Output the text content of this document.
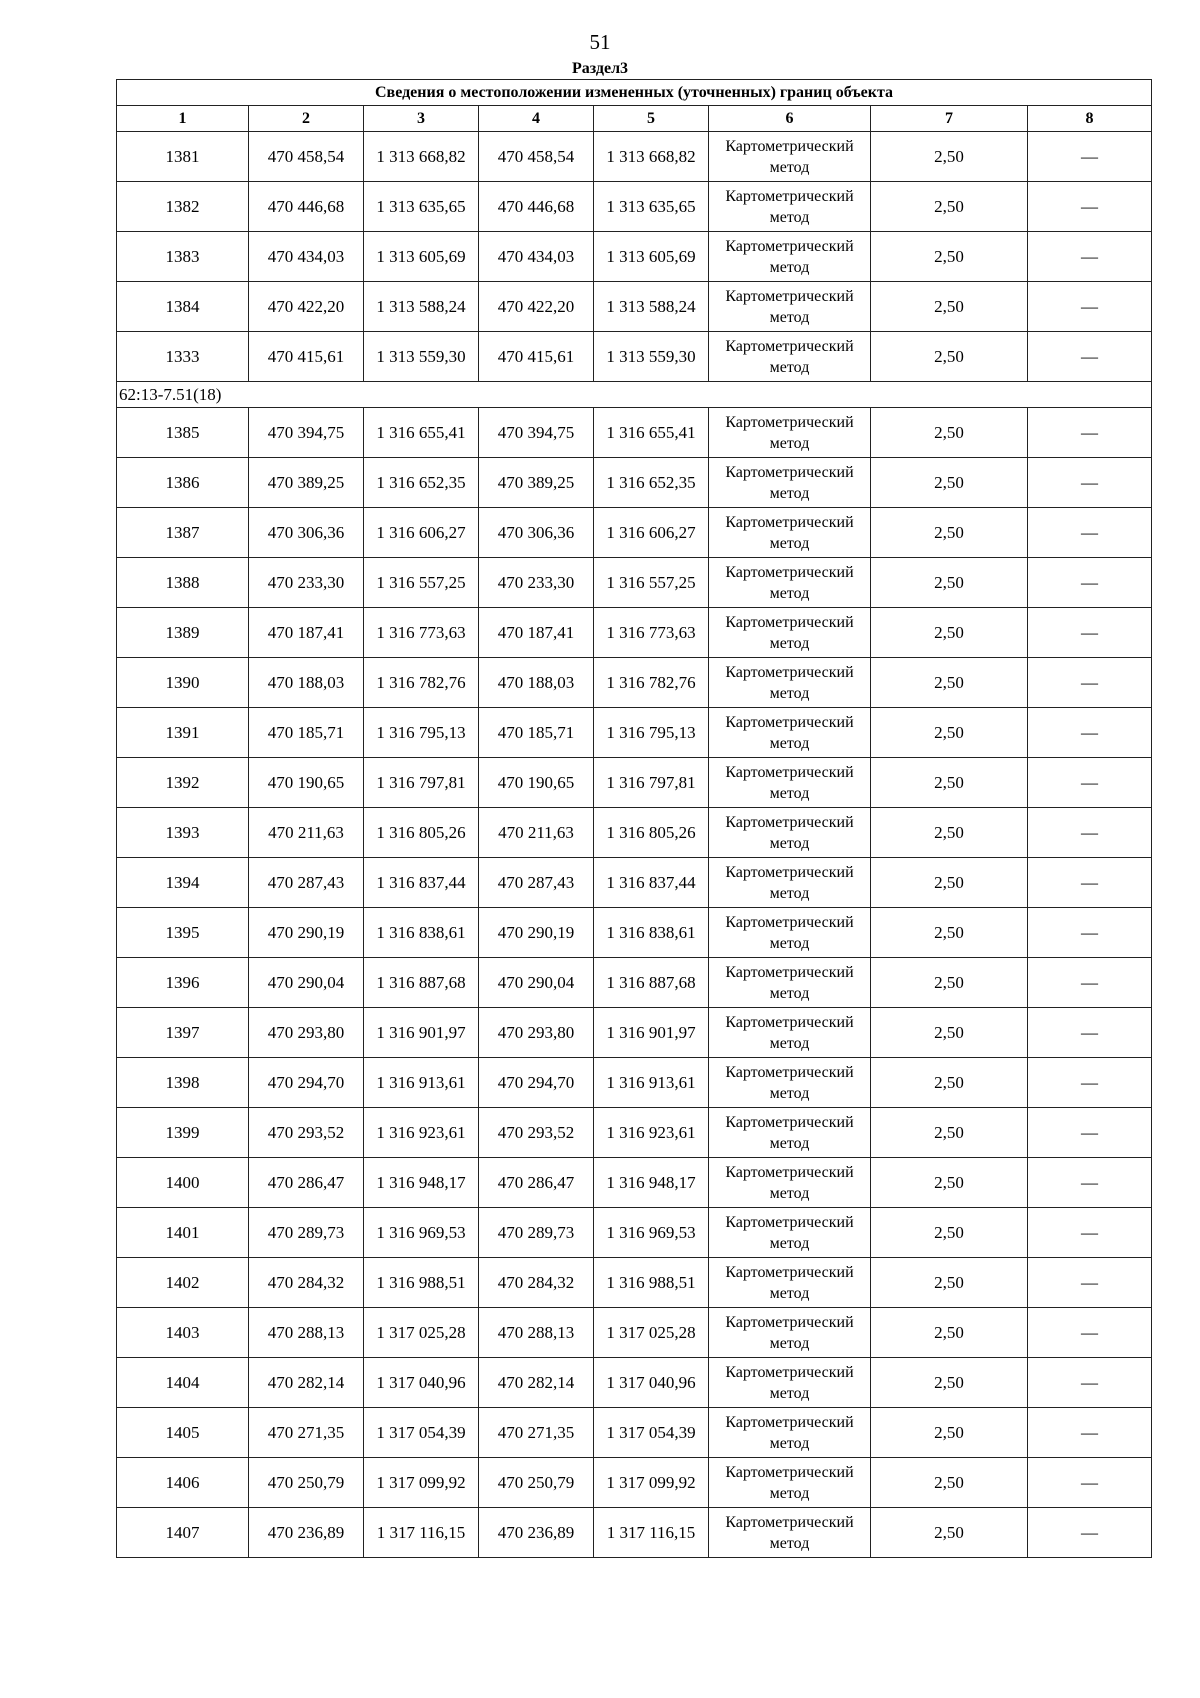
51
Раздел3
Сведения о местоположении измененных (уточненных) границ объекта							
1	2	3	4	5	6	7	8
1381	470 458,54	1 313 668,82	470 458,54	1 313 668,82	Картометрический метод	2,50	—
1382	470 446,68	1 313 635,65	470 446,68	1 313 635,65	Картометрический метод	2,50	—
1383	470 434,03	1 313 605,69	470 434,03	1 313 605,69	Картометрический метод	2,50	—
1384	470 422,20	1 313 588,24	470 422,20	1 313 588,24	Картометрический метод	2,50	—
1333	470 415,61	1 313 559,30	470 415,61	1 313 559,30	Картометрический метод	2,50	—
62:13-7.51(18)							
1385	470 394,75	1 316 655,41	470 394,75	1 316 655,41	Картометрический метод	2,50	—
1386	470 389,25	1 316 652,35	470 389,25	1 316 652,35	Картометрический метод	2,50	—
1387	470 306,36	1 316 606,27	470 306,36	1 316 606,27	Картометрический метод	2,50	—
1388	470 233,30	1 316 557,25	470 233,30	1 316 557,25	Картометрический метод	2,50	—
1389	470 187,41	1 316 773,63	470 187,41	1 316 773,63	Картометрический метод	2,50	—
1390	470 188,03	1 316 782,76	470 188,03	1 316 782,76	Картометрический метод	2,50	—
1391	470 185,71	1 316 795,13	470 185,71	1 316 795,13	Картометрический метод	2,50	—
1392	470 190,65	1 316 797,81	470 190,65	1 316 797,81	Картометрический метод	2,50	—
1393	470 211,63	1 316 805,26	470 211,63	1 316 805,26	Картометрический метод	2,50	—
1394	470 287,43	1 316 837,44	470 287,43	1 316 837,44	Картометрический метод	2,50	—
1395	470 290,19	1 316 838,61	470 290,19	1 316 838,61	Картометрический метод	2,50	—
1396	470 290,04	1 316 887,68	470 290,04	1 316 887,68	Картометрический метод	2,50	—
1397	470 293,80	1 316 901,97	470 293,80	1 316 901,97	Картометрический метод	2,50	—
1398	470 294,70	1 316 913,61	470 294,70	1 316 913,61	Картометрический метод	2,50	—
1399	470 293,52	1 316 923,61	470 293,52	1 316 923,61	Картометрический метод	2,50	—
1400	470 286,47	1 316 948,17	470 286,47	1 316 948,17	Картометрический метод	2,50	—
1401	470 289,73	1 316 969,53	470 289,73	1 316 969,53	Картометрический метод	2,50	—
1402	470 284,32	1 316 988,51	470 284,32	1 316 988,51	Картометрический метод	2,50	—
1403	470 288,13	1 317 025,28	470 288,13	1 317 025,28	Картометрический метод	2,50	—
1404	470 282,14	1 317 040,96	470 282,14	1 317 040,96	Картометрический метод	2,50	—
1405	470 271,35	1 317 054,39	470 271,35	1 317 054,39	Картометрический метод	2,50	—
1406	470 250,79	1 317 099,92	470 250,79	1 317 099,92	Картометрический метод	2,50	—
1407	470 236,89	1 317 116,15	470 236,89	1 317 116,15	Картометрический метод	2,50	—
